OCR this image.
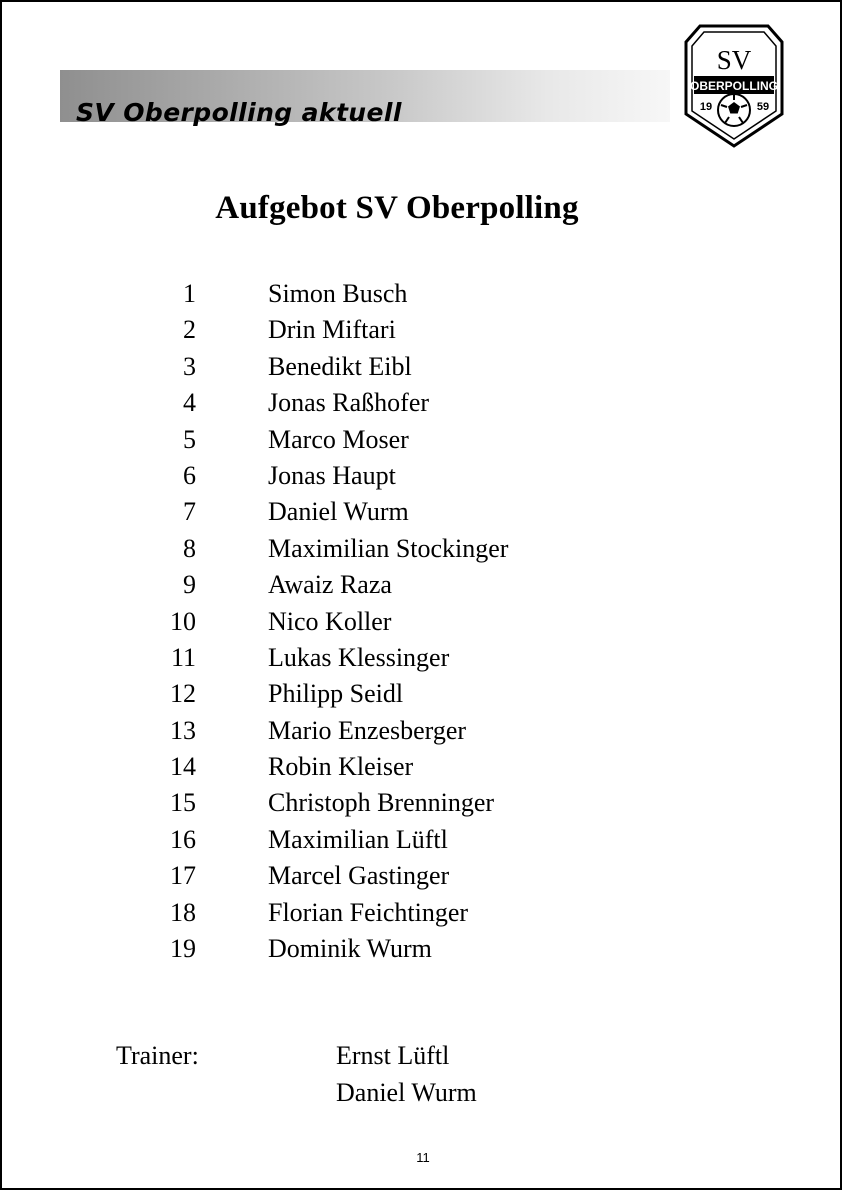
SV Oberpolling aktuell
SV
OBERPOLLING
19	59
Aufgebot SV Oberpolling
1	Simon Busch
2	Drin Miftari
3	Benedikt Eibl
4	Jonas Raßhofer
5	Marco Moser
6	Jonas Haupt
7	Daniel Wurm
8	Maximilian Stockinger
9	Awaiz Raza
10	Nico Koller
11	Lukas Klessinger
12	Philipp Seidl
13	Mario Enzesberger
14	Robin Kleiser
15	Christoph Brenninger
16	Maximilian Lüftl
17	Marcel Gastinger
18	Florian Feichtinger
19	Dominik Wurm
Trainer:	Ernst Lüftl
Daniel Wurm
11
